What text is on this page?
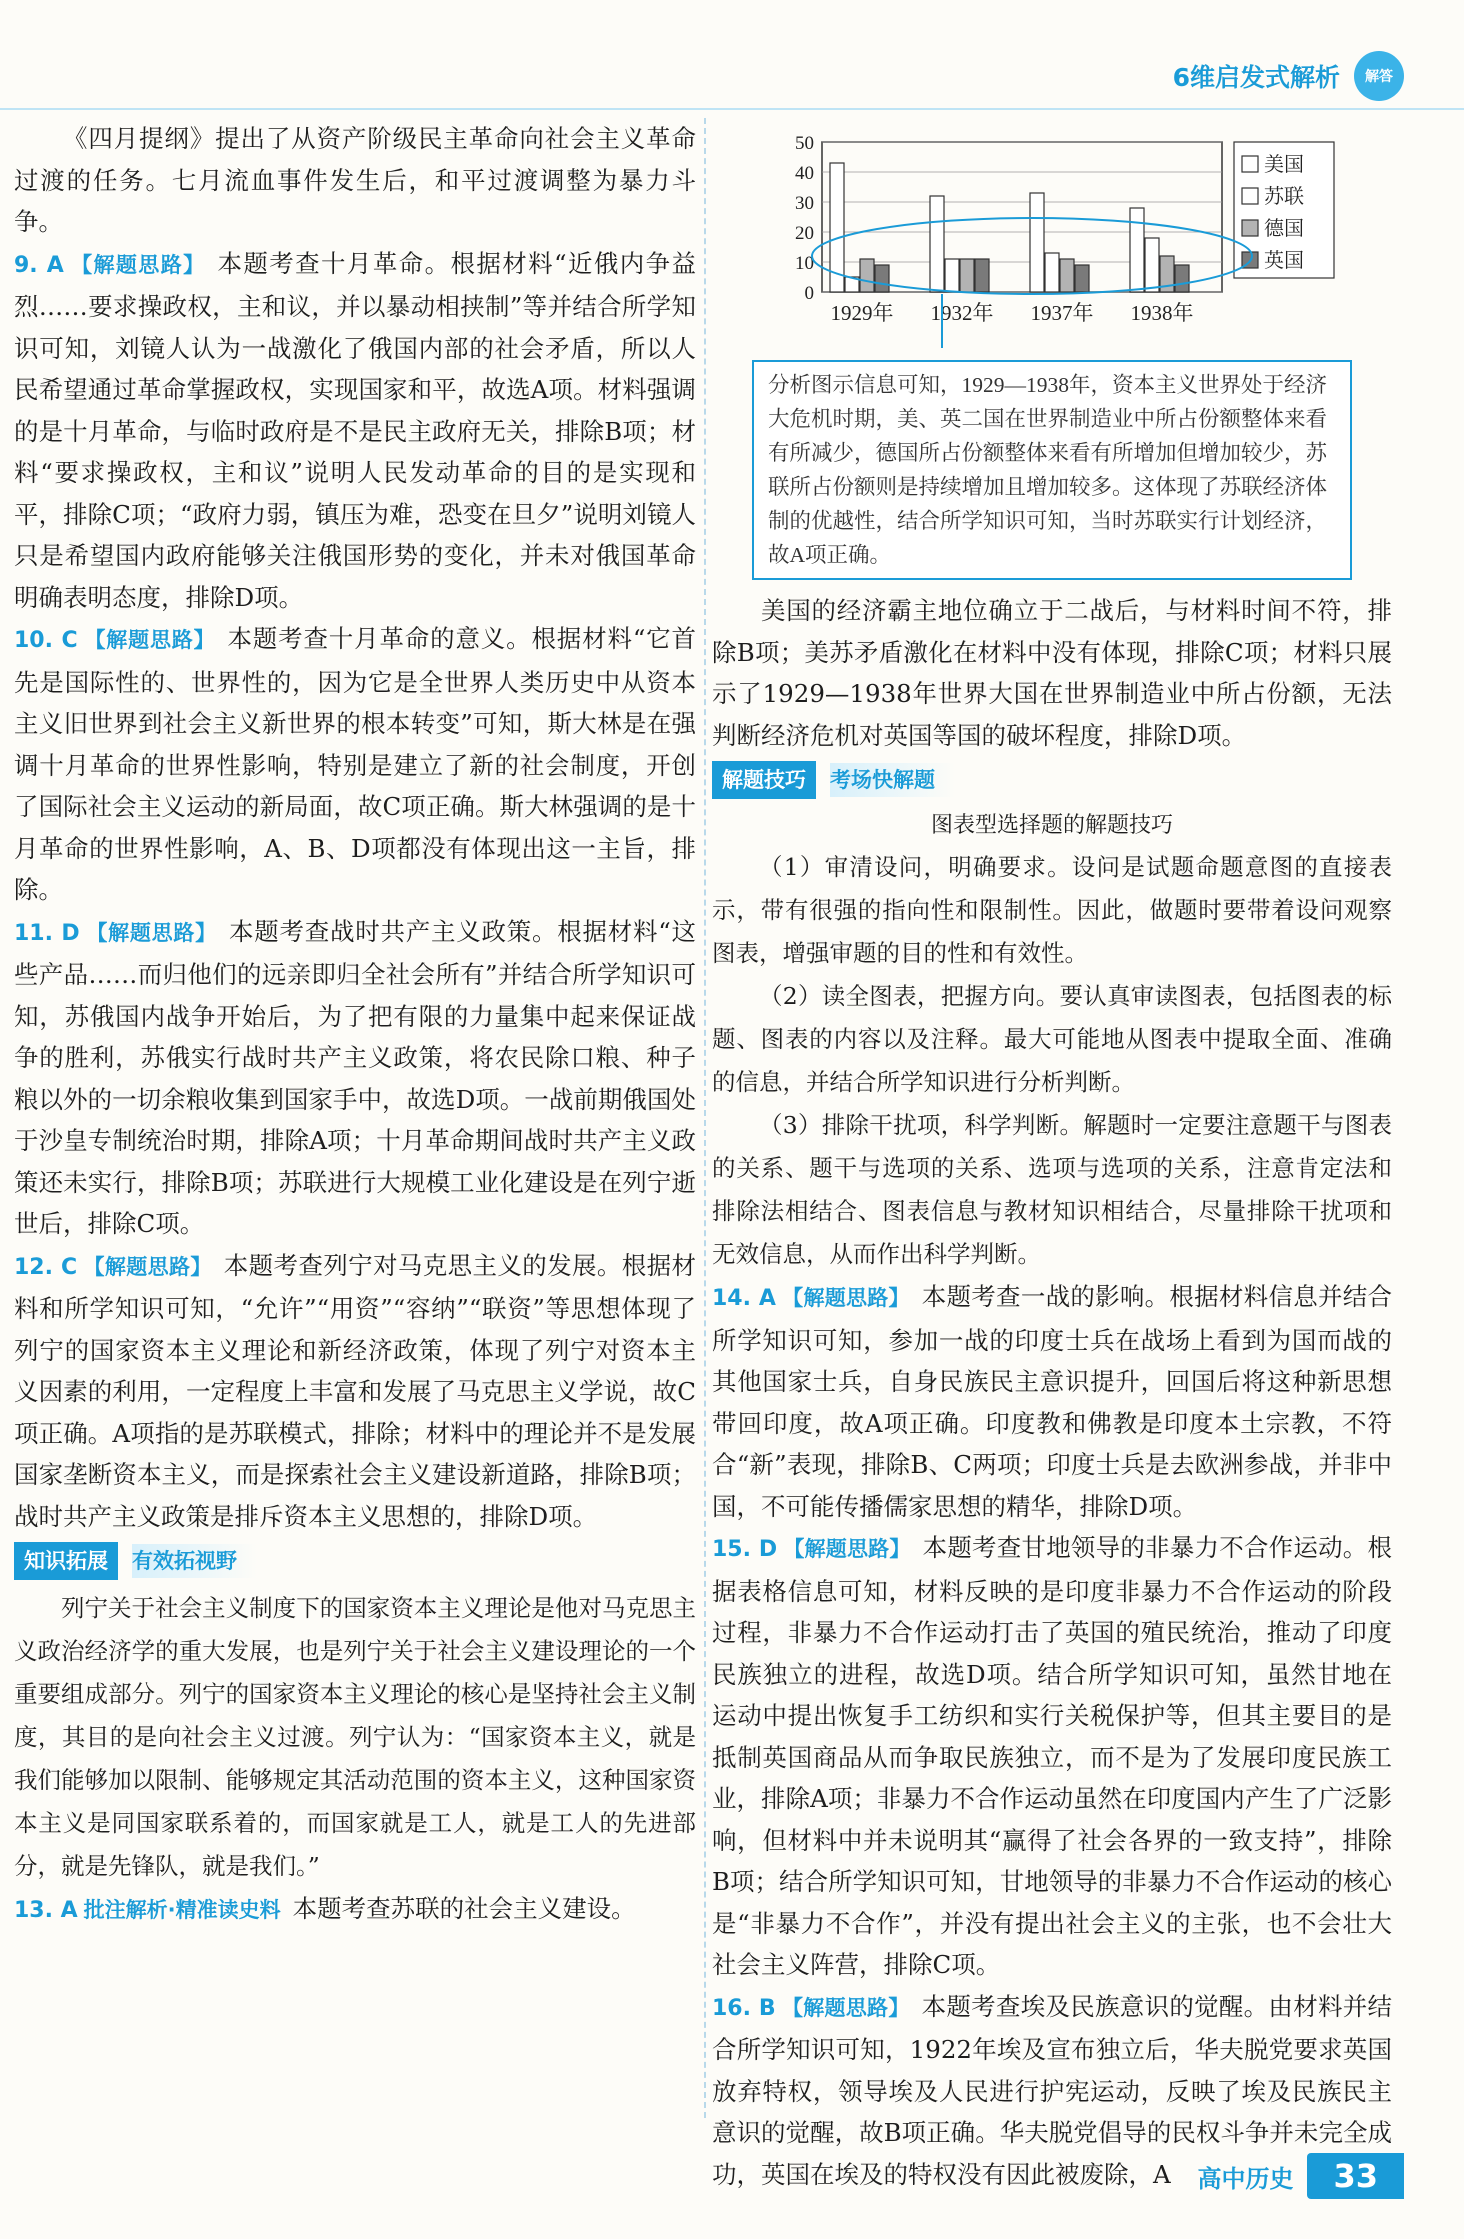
6维启发式解析	解答

《四月提纲》提出了从资产阶级民主革命向社会主义革命过渡的任务。七月流血事件发生后，和平过渡调整为暴力斗争。

9. A 【解题思路】 本题考查十月革命。根据材料“近俄内争益烈……要求操政权，主和议，并以暴动相挟制”等并结合所学知识可知，刘镜人认为一战激化了俄国内部的社会矛盾，所以人民希望通过革命掌握政权，实现国家和平，故选A项。材料强调的是十月革命，与临时政府是不是民主政府无关，排除B项；材料“要求操政权，主和议”说明人民发动革命的目的是实现和平，排除C项；“政府力弱，镇压为难，恐变在旦夕”说明刘镜人只是希望国内政府能够关注俄国形势的变化，并未对俄国革命明确表明态度，排除D项。

10. C 【解题思路】 本题考查十月革命的意义。根据材料“它首先是国际性的、世界性的，因为它是全世界人类历史中从资本主义旧世界到社会主义新世界的根本转变”可知，斯大林是在强调十月革命的世界性影响，特别是建立了新的社会制度，开创了国际社会主义运动的新局面，故C项正确。斯大林强调的是十月革命的世界性影响，A、B、D项都没有体现出这一主旨，排除。

11. D 【解题思路】 本题考查战时共产主义政策。根据材料“这些产品……而归他们的远亲即归全社会所有”并结合所学知识可知，苏俄国内战争开始后，为了把有限的力量集中起来保证战争的胜利，苏俄实行战时共产主义政策，将农民除口粮、种子粮以外的一切余粮收集到国家手中，故选D项。一战前期俄国处于沙皇专制统治时期，排除A项；十月革命期间战时共产主义政策还未实行，排除B项；苏联进行大规模工业化建设是在列宁逝世后，排除C项。

12. C 【解题思路】 本题考查列宁对马克思主义的发展。根据材料和所学知识可知，“允许”“用资”“容纳”“联资”等思想体现了列宁的国家资本主义理论和新经济政策，体现了列宁对资本主义因素的利用，一定程度上丰富和发展了马克思主义学说，故C项正确。A项指的是苏联模式，排除；材料中的理论并不是发展国家垄断资本主义，而是探索社会主义建设新道路，排除B项；战时共产主义政策是排斥资本主义思想的，排除D项。

知识拓展	有效拓视野

列宁关于社会主义制度下的国家资本主义理论是他对马克思主义政治经济学的重大发展，也是列宁关于社会主义建设理论的一个重要组成部分。列宁的国家资本主义理论的核心是坚持社会主义制度，其目的是向社会主义过渡。列宁认为：“国家资本主义，就是我们能够加以限制、能够规定其活动范围的资本主义，这种国家资本主义是同国家联系着的，而国家就是工人，就是工人的先进部分，就是先锋队，就是我们。”

13. A 批注解析·精准读史料 本题考查苏联的社会主义建设。

0
10
20
30
40
50
1929年 1932年 1937年 1938年
美国
苏联
德国
英国
分析图示信息可知，1929—1938年，资本主义世界处于经济大危机时期，美、英二国在世界制造业中所占份额整体来看有所减少，德国所占份额整体来看有所增加但增加较少，苏联所占份额则是持续增加且增加较多。这体现了苏联经济体制的优越性，结合所学知识可知，当时苏联实行计划经济，故A项正确。

美国的经济霸主地位确立于二战后，与材料时间不符，排除B项；美苏矛盾激化在材料中没有体现，排除C项；材料只展示了1929—1938年世界大国在世界制造业中所占份额，无法判断经济危机对英国等国的破坏程度，排除D项。

解题技巧	考场快解题
图表型选择题的解题技巧

（1）审清设问，明确要求。设问是试题命题意图的直接表示，带有很强的指向性和限制性。因此，做题时要带着设问观察图表，增强审题的目的性和有效性。

（2）读全图表，把握方向。要认真审读图表，包括图表的标题、图表的内容以及注释。最大可能地从图表中提取全面、准确的信息，并结合所学知识进行分析判断。

（3）排除干扰项，科学判断。解题时一定要注意题干与图表的关系、题干与选项的关系、选项与选项的关系，注意肯定法和排除法相结合、图表信息与教材知识相结合，尽量排除干扰项和无效信息，从而作出科学判断。

14. A 【解题思路】 本题考查一战的影响。根据材料信息并结合所学知识可知，参加一战的印度士兵在战场上看到为国而战的其他国家士兵，自身民族民主意识提升，回国后将这种新思想带回印度，故A项正确。印度教和佛教是印度本土宗教，不符合“新”表现，排除B、C两项；印度士兵是去欧洲参战，并非中国，不可能传播儒家思想的精华，排除D项。

15. D 【解题思路】 本题考查甘地领导的非暴力不合作运动。根据表格信息可知，材料反映的是印度非暴力不合作运动的阶段过程，非暴力不合作运动打击了英国的殖民统治，推动了印度民族独立的进程，故选D项。结合所学知识可知，虽然甘地在运动中提出恢复手工纺织和实行关税保护等，但其主要目的是抵制英国商品从而争取民族独立，而不是为了发展印度民族工业，排除A项；非暴力不合作运动虽然在印度国内产生了广泛影响，但材料中并未说明其“赢得了社会各界的一致支持”，排除B项；结合所学知识可知，甘地领导的非暴力不合作运动的核心是“非暴力不合作”，并没有提出社会主义的主张，也不会壮大社会主义阵营，排除C项。

16. B 【解题思路】 本题考查埃及民族意识的觉醒。由材料并结合所学知识可知，1922年埃及宣布独立后，华夫脱党要求英国放弃特权，领导埃及人民进行护宪运动，反映了埃及民族民主意识的觉醒，故B项正确。华夫脱党倡导的民权斗争并未完全成功，英国在埃及的特权没有因此被废除，A	高中历史	33
